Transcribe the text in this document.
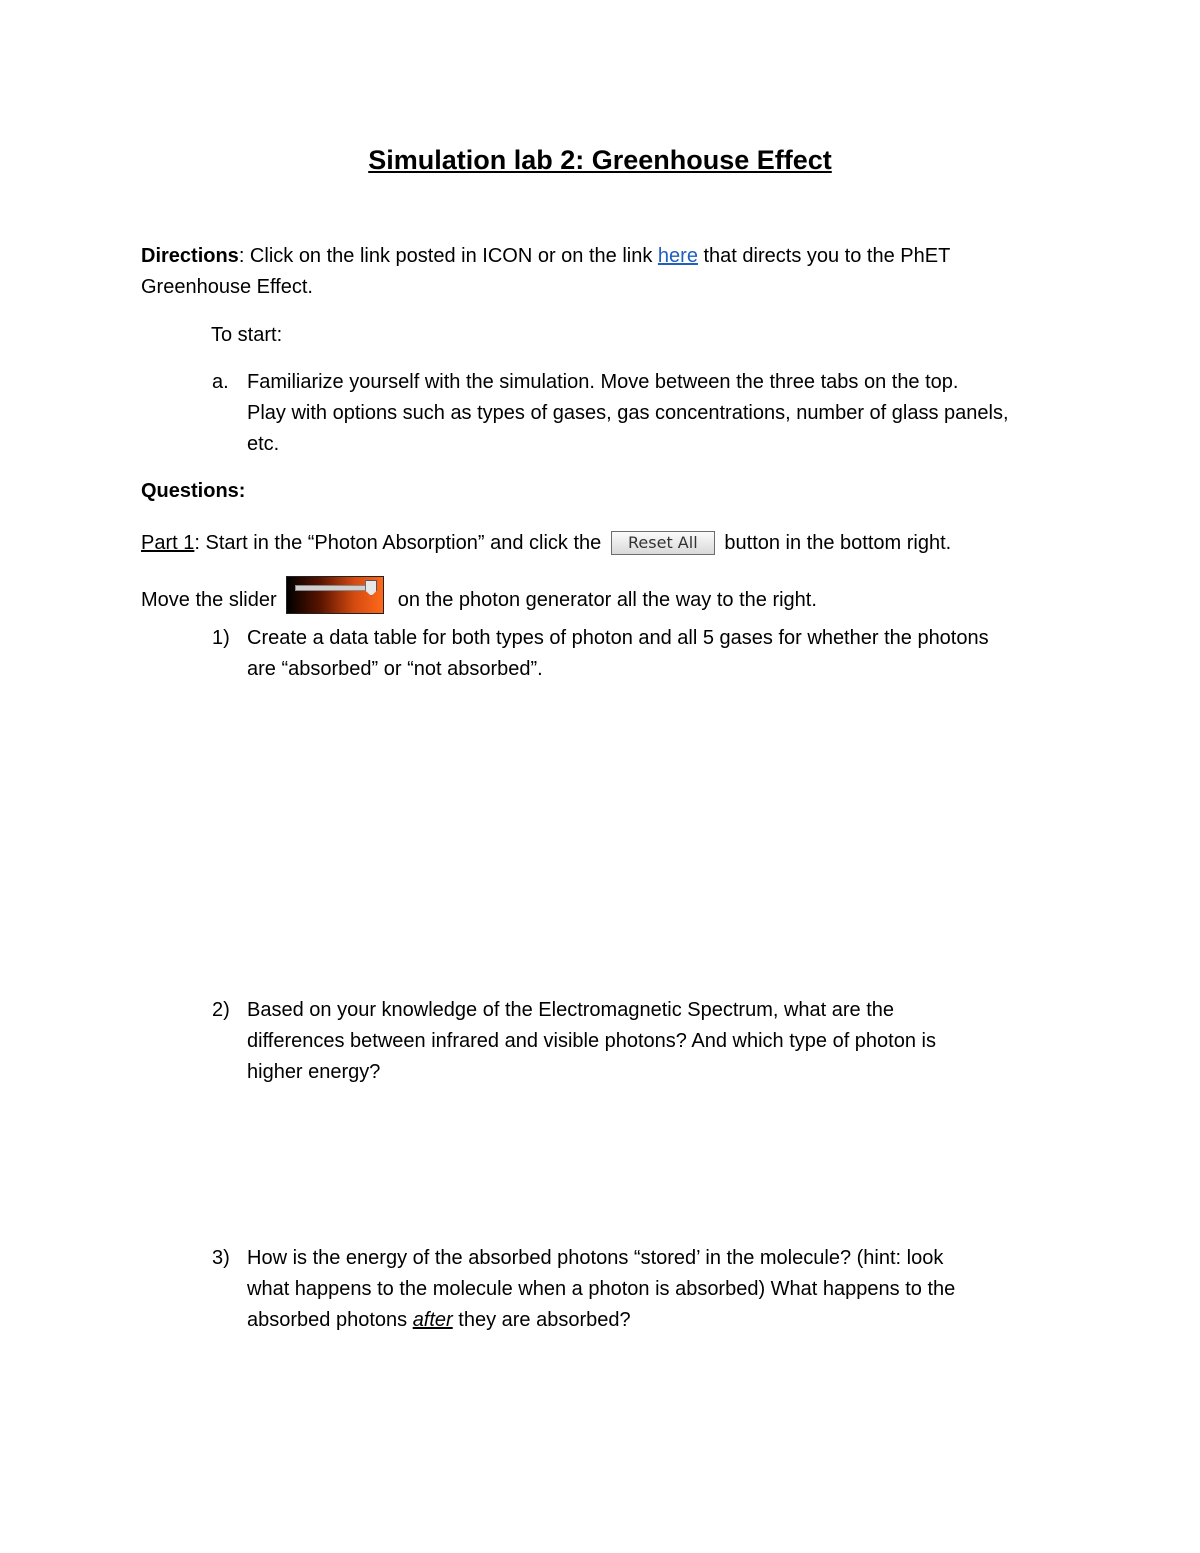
Simulation lab 2: Greenhouse Effect

Directions: Click on the link posted in ICON or on the link here that directs you to the PhET

Greenhouse Effect.

To start:

a. Familiarize yourself with the simulation. Move between the three tabs on the top.

Play with options such as types of gases, gas concentrations, number of glass panels,

etc.

Questions:

Part 1: Start in the “Photon Absorption” and click the Reset All button in the bottom right.

Move the slider	on the photon generator all the way to the right.

1) Create a data table for both types of photon and all 5 gases for whether the photons

are “absorbed” or “not absorbed”.

2) Based on your knowledge of the Electromagnetic Spectrum, what are the

differences between infrared and visible photons? And which type of photon is

higher energy?

3) How is the energy of the absorbed photons “stored’ in the molecule? (hint: look

what happens to the molecule when a photon is absorbed) What happens to the

absorbed photons after they are absorbed?
